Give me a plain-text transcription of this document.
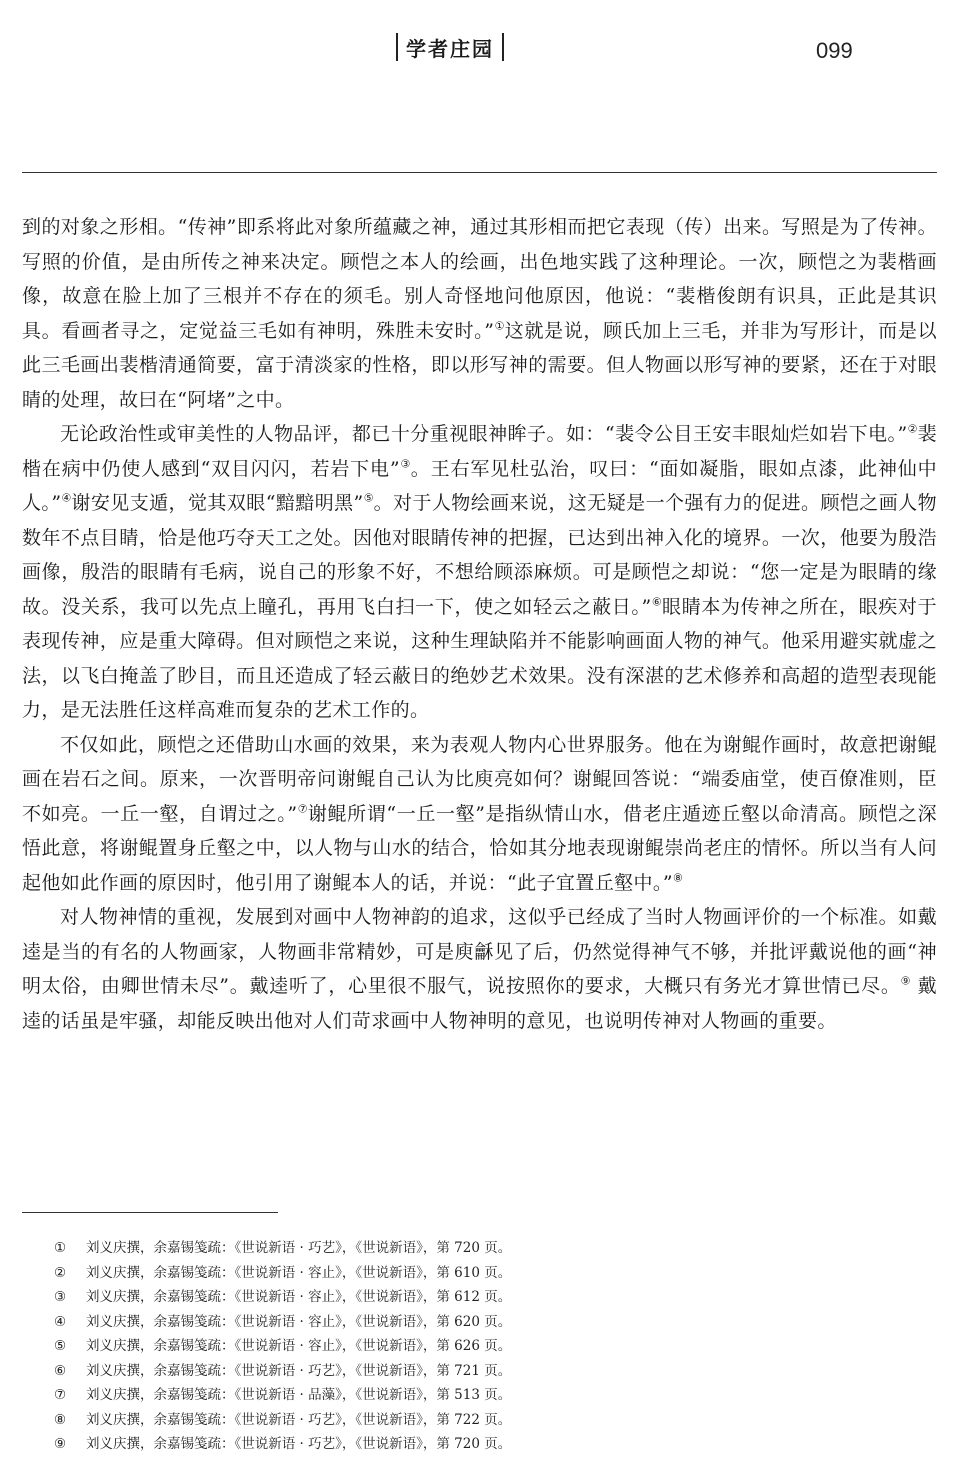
学者庄园	099

到的对象之形相。“传神”即系将此对象所蕴藏之神，通过其形相而把它表现（传）出来。写照是为了传神。写照的价值，是由所传之神来决定。顾恺之本人的绘画，出色地实践了这种理论。一次，顾恺之为裴楷画像，故意在脸上加了三根并不存在的须毛。别人奇怪地问他原因，他说：“裴楷俊朗有识具，正此是其识具。看画者寻之，定觉益三毛如有神明，殊胜未安时。”①这就是说，顾氏加上三毛，并非为写形计，而是以此三毛画出裴楷清通简要，富于清淡家的性格，即以形写神的需要。但人物画以形写神的要紧，还在于对眼睛的处理，故曰在“阿堵”之中。

无论政治性或审美性的人物品评，都已十分重视眼神眸子。如：“裴令公目王安丰眼灿烂如岩下电。”②裴楷在病中仍使人感到“双目闪闪，若岩下电”③。王右军见杜弘治，叹曰：“面如凝脂，眼如点漆，此神仙中人。”④谢安见支遁，觉其双眼“黯黯明黑”⑤。对于人物绘画来说，这无疑是一个强有力的促进。顾恺之画人物数年不点目睛，恰是他巧夺天工之处。因他对眼睛传神的把握，已达到出神入化的境界。一次，他要为殷浩画像，殷浩的眼睛有毛病，说自己的形象不好，不想给顾添麻烦。可是顾恺之却说：“您一定是为眼睛的缘故。没关系，我可以先点上瞳孔，再用飞白扫一下，使之如轻云之蔽日。”⑥眼睛本为传神之所在，眼疾对于表现传神，应是重大障碍。但对顾恺之来说，这种生理缺陷并不能影响画面人物的神气。他采用避实就虚之法，以飞白掩盖了眇目，而且还造成了轻云蔽日的绝妙艺术效果。没有深湛的艺术修养和高超的造型表现能力，是无法胜任这样高难而复杂的艺术工作的。

不仅如此，顾恺之还借助山水画的效果，来为表观人物内心世界服务。他在为谢鲲作画时，故意把谢鲲画在岩石之间。原来，一次晋明帝问谢鲲自己认为比庾亮如何？谢鲲回答说：“端委庙堂，使百僚准则，臣不如亮。一丘一壑，自谓过之。”⑦谢鲲所谓“一丘一壑”是指纵情山水，借老庄遁迹丘壑以命清高。顾恺之深悟此意，将谢鲲置身丘壑之中，以人物与山水的结合，恰如其分地表现谢鲲崇尚老庄的情怀。所以当有人问起他如此作画的原因时，他引用了谢鲲本人的话，并说：“此子宜置丘壑中。”⑧

对人物神情的重视，发展到对画中人物神韵的追求，这似乎已经成了当时人物画评价的一个标准。如戴逵是当的有名的人物画家，人物画非常精妙，可是庾龢见了后，仍然觉得神气不够，并批评戴说他的画“神明太俗，由卿世情未尽”。戴逵听了，心里很不服气，说按照你的要求，大概只有务光才算世情已尽。⑨ 戴逵的话虽是牢骚，却能反映出他对人们苛求画中人物神明的意见，也说明传神对人物画的重要。

①	刘义庆撰，余嘉锡笺疏：《世说新语 · 巧艺》，《世说新语》，第 720 页。
②	刘义庆撰，余嘉锡笺疏：《世说新语 · 容止》，《世说新语》，第 610 页。
③	刘义庆撰，余嘉锡笺疏：《世说新语 · 容止》，《世说新语》，第 612 页。
④	刘义庆撰，余嘉锡笺疏：《世说新语 · 容止》，《世说新语》，第 620 页。
⑤	刘义庆撰，余嘉锡笺疏：《世说新语 · 容止》，《世说新语》，第 626 页。
⑥	刘义庆撰，余嘉锡笺疏：《世说新语 · 巧艺》，《世说新语》，第 721 页。
⑦	刘义庆撰，余嘉锡笺疏：《世说新语 · 品藻》，《世说新语》，第 513 页。
⑧	刘义庆撰，余嘉锡笺疏：《世说新语 · 巧艺》，《世说新语》，第 722 页。
⑨	刘义庆撰，余嘉锡笺疏：《世说新语 · 巧艺》，《世说新语》，第 720 页。
